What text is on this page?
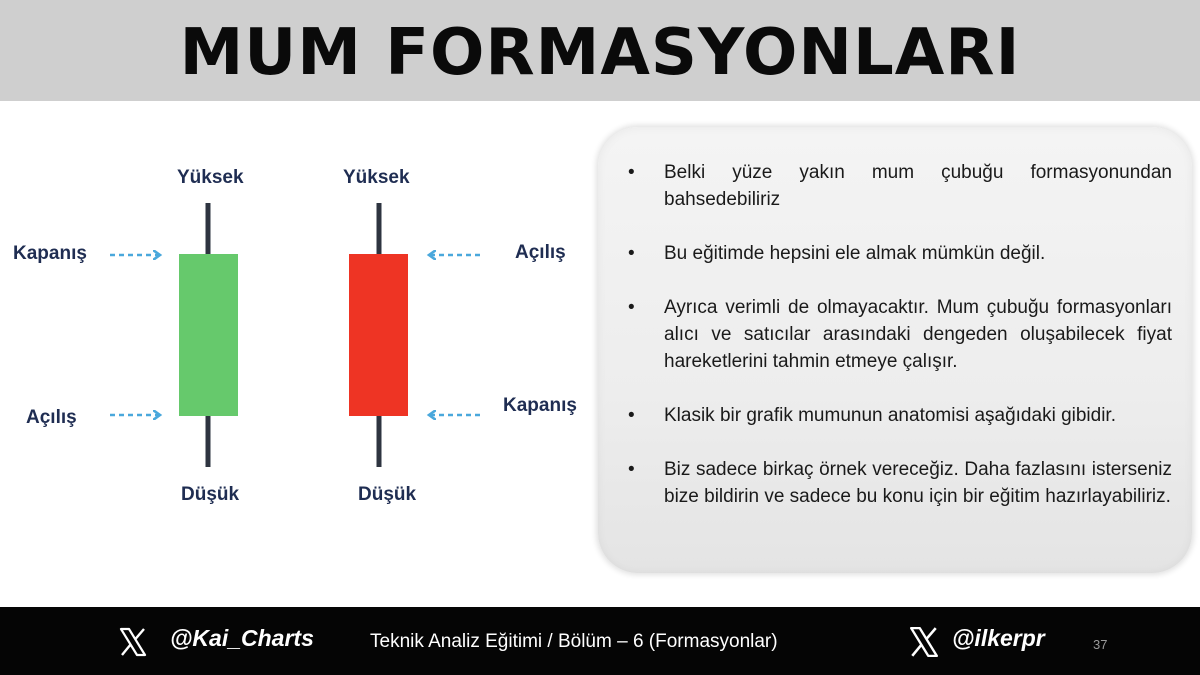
MUM FORMASYONLARI
Yüksek
Kapanış
Açılış
Düşük
Yüksek
Açılış
Kapanış
Düşük
• Belki yüze yakın mum çubuğu formasyonundan bahsedebiliriz
• Bu eğitimde hepsini ele almak mümkün değil.
• Ayrıca verimli de olmayacaktır. Mum çubuğu formasyonları alıcı ve satıcılar arasındaki dengeden oluşabilecek fiyat hareketlerini tahmin etmeye çalışır.
• Klasik bir grafik mumunun anatomisi aşağıdaki gibidir.
• Biz sadece birkaç örnek vereceğiz. Daha fazlasını isterseniz bize bildirin ve sadece bu konu için bir eğitim hazırlayabiliriz.
@Kai_Charts	Teknik Analiz Eğitimi / Bölüm – 6 (Formasyonlar)	@ilkerpr	37
